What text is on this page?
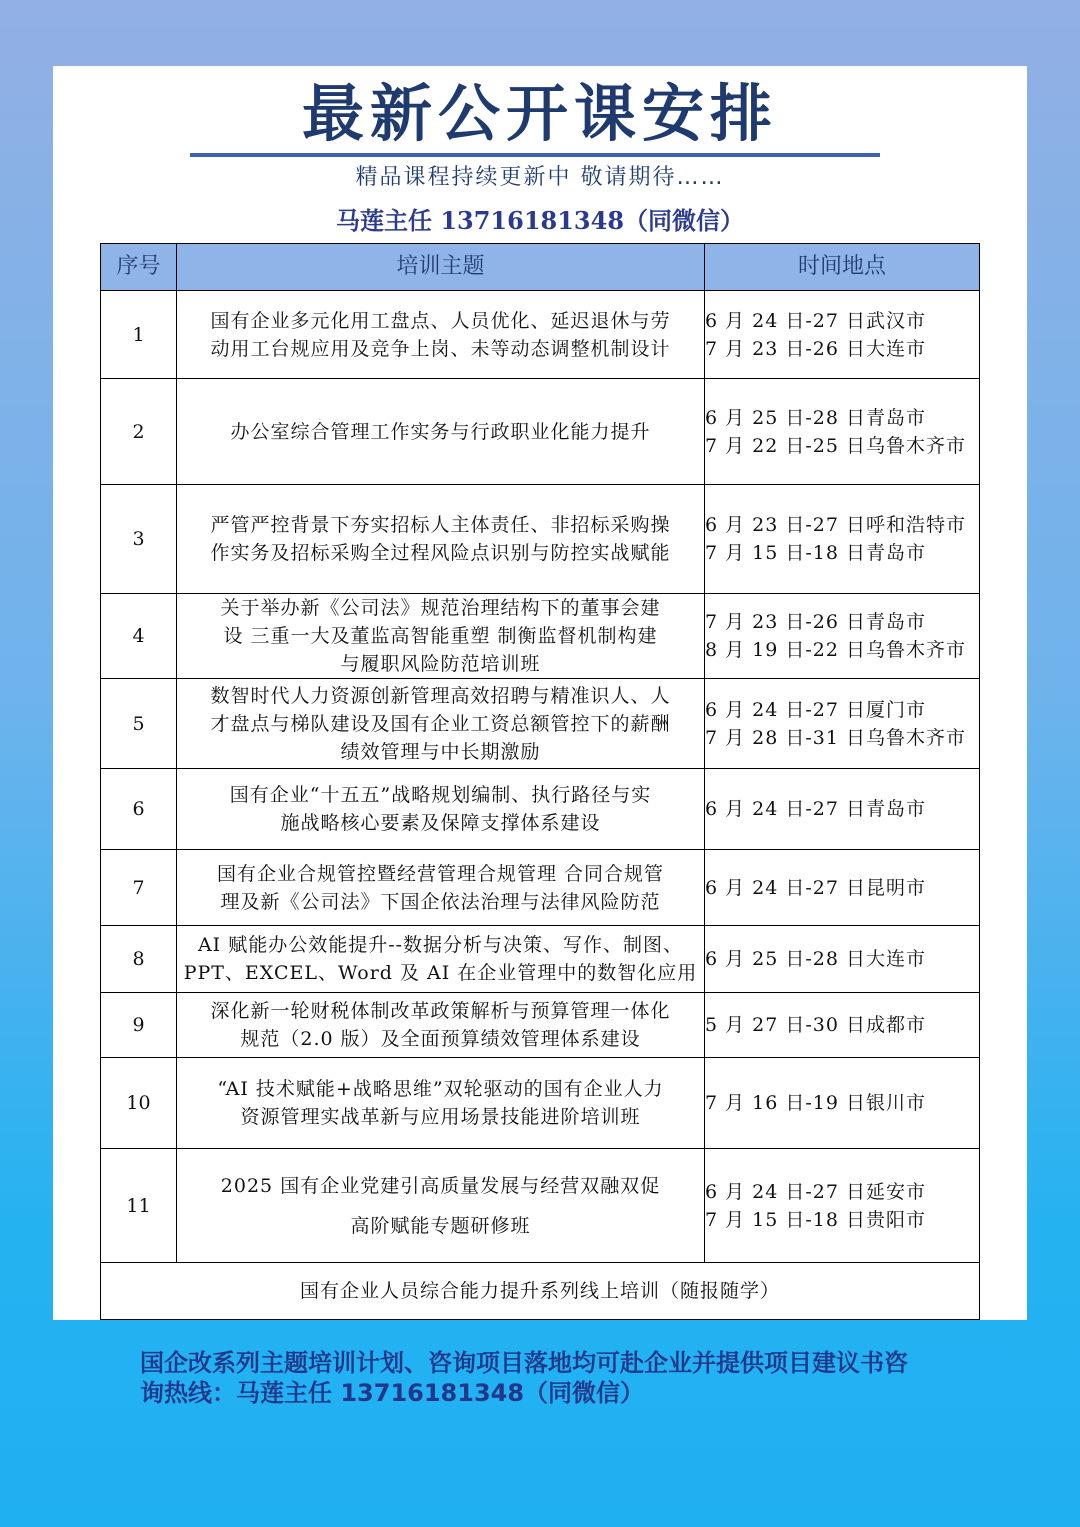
最新公开课安排
精品课程持续更新中 敬请期待……
马莲主任 13716181348（同微信）
序号	培训主题	时间地点
1	国有企业多元化用工盘点、人员优化、延迟退休与劳
动用工台规应用及竞争上岗、未等动态调整机制设计	6 月 24 日-27 日武汉市
7 月 23 日-26 日大连市

2	办公室综合管理工作实务与行政职业化能力提升	6 月 25 日-28 日青岛市
7 月 22 日-25 日乌鲁木齐市

3	严管严控背景下夯实招标人主体责任、非招标采购操
作实务及招标采购全过程风险点识别与防控实战赋能	6 月 23 日-27 日呼和浩特市
7 月 15 日-18 日青岛市

4	关于举办新《公司法》规范治理结构下的董事会建
设 三重一大及董监高智能重塑 制衡监督机制构建
与履职风险防范培训班	7 月 23 日-26 日青岛市
8 月 19 日-22 日乌鲁木齐市

5	数智时代人力资源创新管理高效招聘与精准识人、人
才盘点与梯队建设及国有企业工资总额管控下的薪酬
绩效管理与中长期激励	6 月 24 日-27 日厦门市
7 月 28 日-31 日乌鲁木齐市

6	国有企业“十五五”战略规划编制、执行路径与实
施战略核心要素及保障支撑体系建设	6 月 24 日-27 日青岛市

7	国有企业合规管控暨经营管理合规管理 合同合规管
理及新《公司法》下国企依法治理与法律风险防范	6 月 24 日-27 日昆明市

8	AI 赋能办公效能提升--数据分析与决策、写作、制图、
PPT、EXCEL、Word 及 AI 在企业管理中的数智化应用	6 月 25 日-28 日大连市

9	深化新一轮财税体制改革政策解析与预算管理一体化
规范（2.0 版）及全面预算绩效管理体系建设	5 月 27 日-30 日成都市

10	“AI 技术赋能+战略思维”双轮驱动的国有企业人力
资源管理实战革新与应用场景技能进阶培训班	7 月 16 日-19 日银川市

11	2025 国有企业党建引高质量发展与经营双融双促
高阶赋能专题研修班	6 月 24 日-27 日延安市
7 月 15 日-18 日贵阳市

国有企业人员综合能力提升系列线上培训（随报随学）		
国企改系列主题培训计划、咨询项目落地均可赴企业并提供项目建议书咨
询热线：马莲主任 13716181348（同微信）
